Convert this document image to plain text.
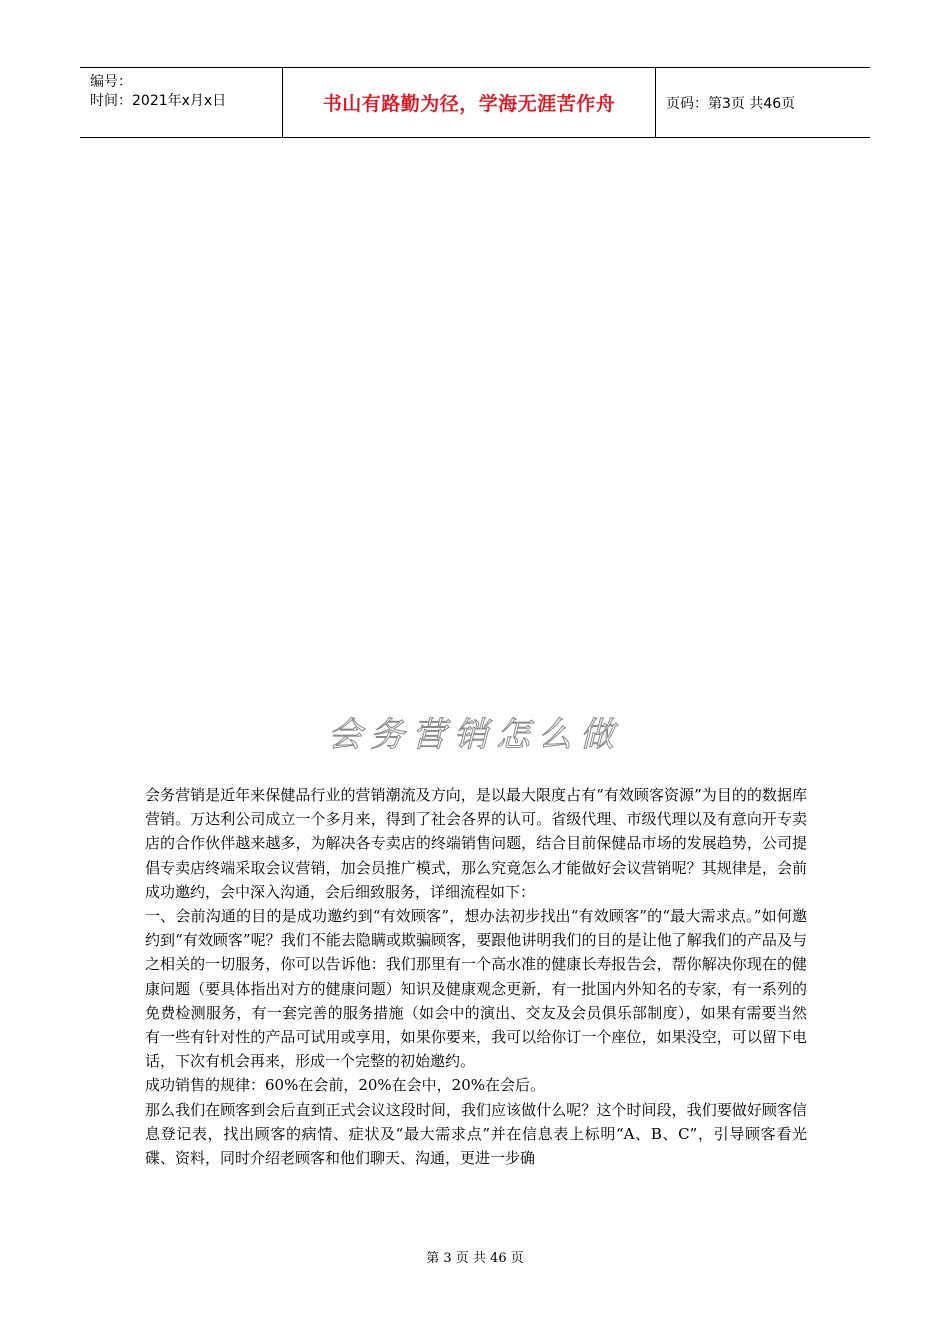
编号：
时间：2021年x月x日	书山有路勤为径，学海无涯苦作舟	页码：第3页 共46页
会务营销怎么做

会务营销是近年来保健品行业的营销潮流及方向，是以最大限度占有“有效顾客资源”为目的的数据库营销。万达利公司成立一个多月来，得到了社会各界的认可。省级代理、市级代理以及有意向开专卖店的合作伙伴越来越多，为解决各专卖店的终端销售问题，结合目前保健品市场的发展趋势，公司提倡专卖店终端采取会议营销，加会员推广模式，那么究竟怎么才能做好会议营销呢？其规律是，会前成功邀约，会中深入沟通，会后细致服务，详细流程如下：

一、会前沟通的目的是成功邀约到“有效顾客”，想办法初步找出“有效顾客”的“最大需求点。”如何邀约到“有效顾客”呢？我们不能去隐瞒或欺骗顾客，要跟他讲明我们的目的是让他了解我们的产品及与之相关的一切服务，你可以告诉他：我们那里有一个高水准的健康长寿报告会，帮你解决你现在的健康问题（要具体指出对方的健康问题）知识及健康观念更新，有一批国内外知名的专家，有一系列的免费检测服务，有一套完善的服务措施（如会中的演出、交友及会员俱乐部制度），如果有需要当然有一些有针对性的产品可试用或享用，如果你要来，我可以给你订一个座位，如果没空，可以留下电话，下次有机会再来，形成一个完整的初始邀约。

成功销售的规律：60%在会前，20%在会中，20%在会后。

那么我们在顾客到会后直到正式会议这段时间，我们应该做什么呢？这个时间段，我们要做好顾客信息登记表，找出顾客的病情、症状及“最大需求点”并在信息表上标明“A、B、C”，引导顾客看光碟、资料，同时介绍老顾客和他们聊天、沟通，更进一步确

第 3 页 共 46 页
